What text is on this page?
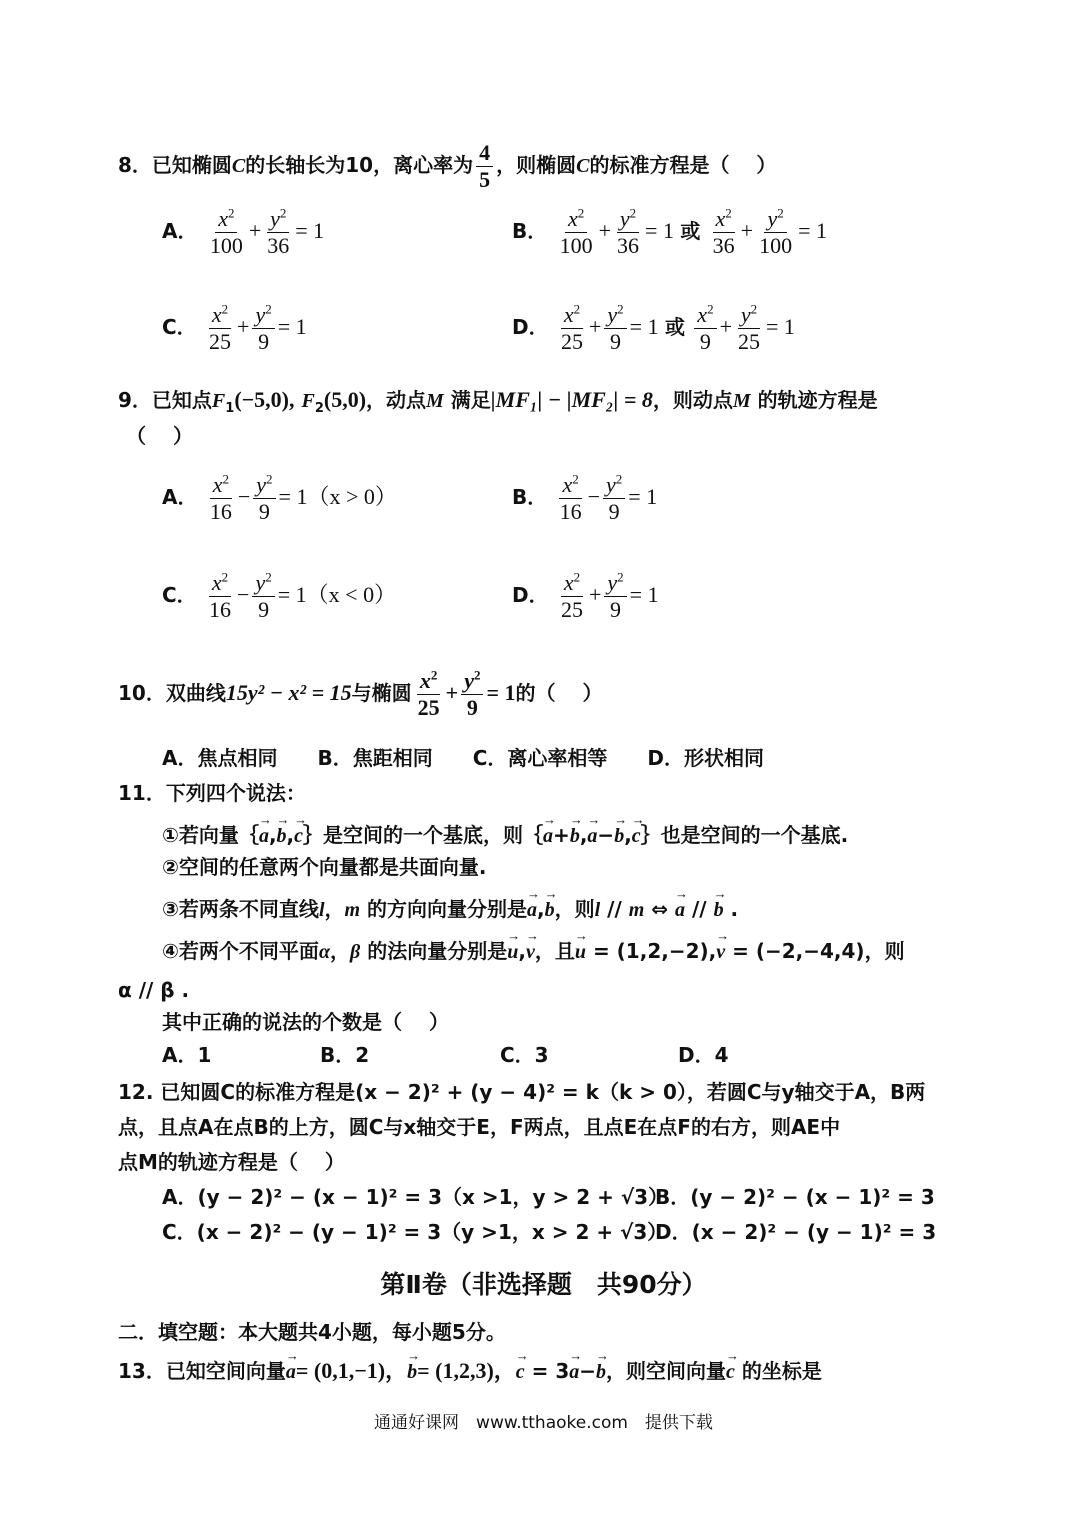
8．已知椭圆C的长轴长为10，离心率为 $\frac{4}{5}$ ，则椭圆C的标准方程是（　 ）
A． $\frac{x^2}{100} + \frac{y^2}{36} = 1$	B． $\frac{x^2}{100} + \frac{y^2}{36} = 1$ 或 $\frac{x^2}{36} + \frac{y^2}{100} = 1$
C． $\frac{x^2}{25} + \frac{y^2}{9} = 1$	D． $\frac{x^2}{25} + \frac{y^2}{9} = 1$ 或 $\frac{x^2}{9} + \frac{y^2}{25} = 1$
9．已知点$F_1(-5,0)$, $F_2(5,0)$，动点M 满足|MF₁| − |MF₂| = 8，则动点M 的轨迹方程是
（　 ）
A． $\frac{x^2}{16} - \frac{y^2}{9} = 1(x > 0)$	B． $\frac{x^2}{16} - \frac{y^2}{9} = 1$
C． $\frac{x^2}{16} - \frac{y^2}{9} = 1(x < 0)$	D． $\frac{x^2}{25} + \frac{y^2}{9} = 1$
10．双曲线15y² − x² = 15与椭圆 $\frac{x^2}{25} + \frac{y^2}{9} = 1$的（　 ）
A．焦点相同　　B．焦距相同　　C．离心率相等　　D．形状相同
11．下列四个说法：
①若向量｛→ a,→ b,→ c｝是空间的一个基底，则｛→ a+→ b,→ a−→ b,→ c｝也是空间的一个基底.
②空间的任意两个向量都是共面向量.
③若两条不同直线l，m 的方向向量分别是→ a,→ b，则l // m ⇔ → a // → b .
④若两个不同平面α，β 的法向量分别是→ u,→ v，且→ u = (1,2,−2),→ v = (−2,−4,4)，则
α // β .
其中正确的说法的个数是（　 ）
A．1	B．2	C．3	D．4
12. 已知圆C的标准方程是(x − 2)² + (y − 4)² = k（k > 0），若圆C与y轴交于A，B两
点，且点A在点B的上方，圆C与x轴交于E，F两点，且点E在点F的右方，则AE中
点M的轨迹方程是（　 ）
A．(y − 2)² − (x − 1)² = 3（x >1，y > 2 + √3）
B．(y − 2)² − (x − 1)² = 3
C．(x − 2)² − (y − 1)² = 3（y >1，x > 2 + √3）
D．(x − 2)² − (y − 1)² = 3
第Ⅱ卷（非选择题　共90分）
二．填空题：本大题共4小题，每小题5分。
13．已知空间向量→ a= (0,1,−1)，→ b= (1,2,3)，→ c = 3→ a−→ b，则空间向量→ c 的坐标是
通通好课网　www.tthaoke.com　提供下载
